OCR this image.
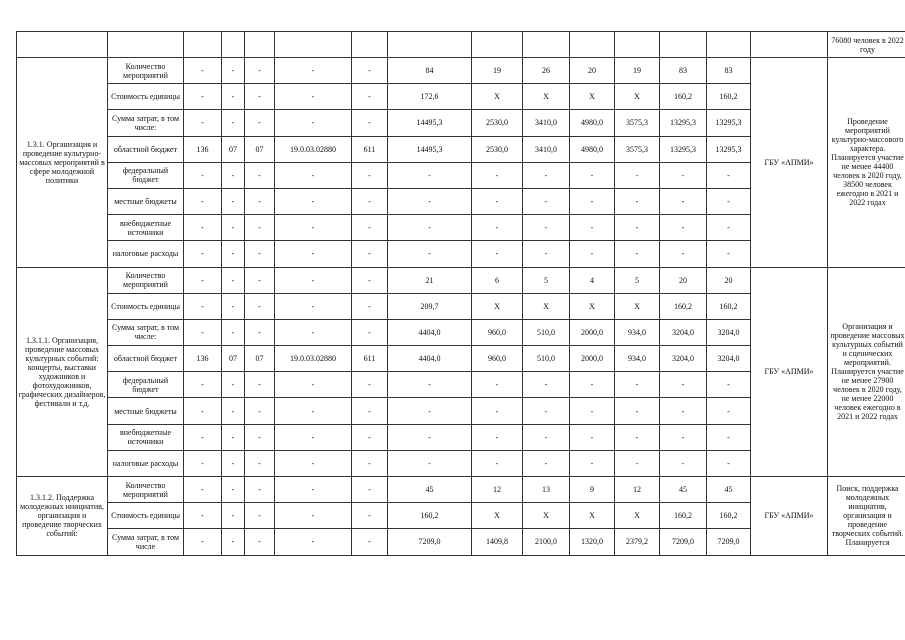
															76080 человек в 2022 году
1.3.1. Организация и проведение культурно-массовых мероприятий в сфере молодежной политики	Количество мероприятий	-	-	-	-	-	84	19	26	20	19	83	83	ГБУ «АПМИ»	Проведение мероприятий культурно-массового характера. Планируется участие не менее 44400 человек в 2020 году, 38500 человек ежегодно в 2021 и 2022 годах
	Стоимость единицы	-	-	-	-	-	172,6	X	X	X	X	160,2	160,2		
	Сумма затрат, в том числе:	-	-	-	-	-	14495,3	2530,0	3410,0	4980,0	3575,3	13295,3	13295,3		
	областной бюджет	136	07	07	19.0.03.02880	611	14495,3	2530,0	3410,0	4980,0	3575,3	13295,3	13295,3		
	федеральный бюджет	-	-	-	-	-	-	-	-	-	-	-	-		
	местные бюджеты	-	-	-	-	-	-	-	-	-	-	-	-		
	внебюджетные источники	-	-	-	-	-	-	-	-	-	-	-	-		
	налоговые расходы	-	-	-	-	-	-	-	-	-	-	-	-		
1.3.1.1. Организация, проведение массовых культурных событий: концерты, выставки художников и фотохудожников, графических дизайнеров, фестивали и т.д.	Количество мероприятий	-	-	-	-	-	21	6	5	4	5	20	20	ГБУ «АПМИ»	Организация и проведение массовых культурных событий и сценических мероприятий. Планируется участие не менее 27900 человек в 2020 году, не менее 22000 человек ежегодно в 2021 и 2022 годах
	Стоимость единицы	-	-	-	-	-	209,7	X	X	X	X	160,2	160,2		
	Сумма затрат, в том числе:	-	-	-	-	-	4404,0	960,0	510,0	2000,0	934,0	3204,0	3204,0		
	областной бюджет	136	07	07	19.0.03.02880	611	4404,0	960,0	510,0	2000,0	934,0	3204,0	3204,0		
	федеральный бюджет	-	-	-	-	-	-	-	-	-	-	-	-		
	местные бюджеты	-	-	-	-	-	-	-	-	-	-	-	-		
	внебюджетные источники	-	-	-	-	-	-	-	-	-	-	-	-		
	налоговые расходы	-	-	-	-	-	-	-	-	-	-	-	-		
1.3.1.2. Поддержка молодежных инициатив, организация и проведение творческих событий:	Количество мероприятий	-	-	-	-	-	45	12	13	9	12	45	45	ГБУ «АПМИ»	Поиск, поддержка молодежных инициатив, организация и проведение творческих событий. Планируется
	Стоимость единицы	-	-	-	-	-	160,2	X	X	X	X	160,2	160,2		
	Сумма затрат, в том числе	-	-	-	-	-	7209,0	1409,8	2100,0	1320,0	2379,2	7209,0	7209,0		
